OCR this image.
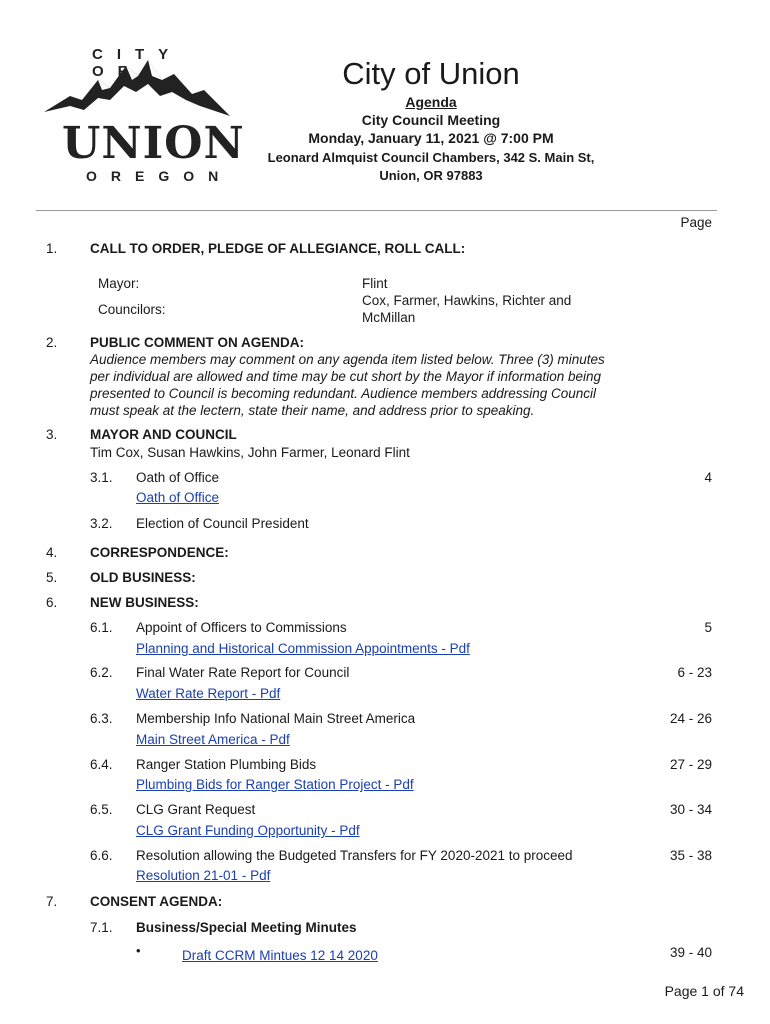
CITY OF
UNION
OREGON
City of Union
Agenda
City Council Meeting
Monday, January 11, 2021 @ 7:00 PM
Leonard Almquist Council Chambers, 342 S. Main St,
Union, OR 97883
Page
1. CALL TO ORDER, PLEDGE OF ALLEGIANCE, ROLL CALL:
Mayor:	Flint
Councilors:
Cox, Farmer, Hawkins, Richter and
McMillan
2. PUBLIC COMMENT ON AGENDA:
Audience members may comment on any agenda item listed below. Three (3) minutes
per individual are allowed and time may be cut short by the Mayor if information being
presented to Council is becoming redundant. Audience members addressing Council
must speak at the lectern, state their name, and address prior to speaking.
3. MAYOR AND COUNCIL
Tim Cox, Susan Hawkins, John Farmer, Leonard Flint
3.1. Oath of Office
Oath of Office
4
3.2. Election of Council President
4. CORRESPONDENCE:
5. OLD BUSINESS:
6. NEW BUSINESS:
6.1. Appoint of Officers to Commissions
Planning and Historical Commission Appointments - Pdf
5
6.2. Final Water Rate Report for Council
Water Rate Report - Pdf
6 - 23
6.3. Membership Info National Main Street America
Main Street America - Pdf
24 - 26
6.4. Ranger Station Plumbing Bids
Plumbing Bids for Ranger Station Project - Pdf
27 - 29
6.5. CLG Grant Request
CLG Grant Funding Opportunity - Pdf
30 - 34
6.6. Resolution allowing the Budgeted Transfers for FY 2020-2021 to proceed
Resolution 21-01 - Pdf
35 - 38
7. CONSENT AGENDA:
7.1. Business/Special Meeting Minutes
•	Draft CCRM Mintues 12 14 2020	39 - 40
Page 1 of 74
